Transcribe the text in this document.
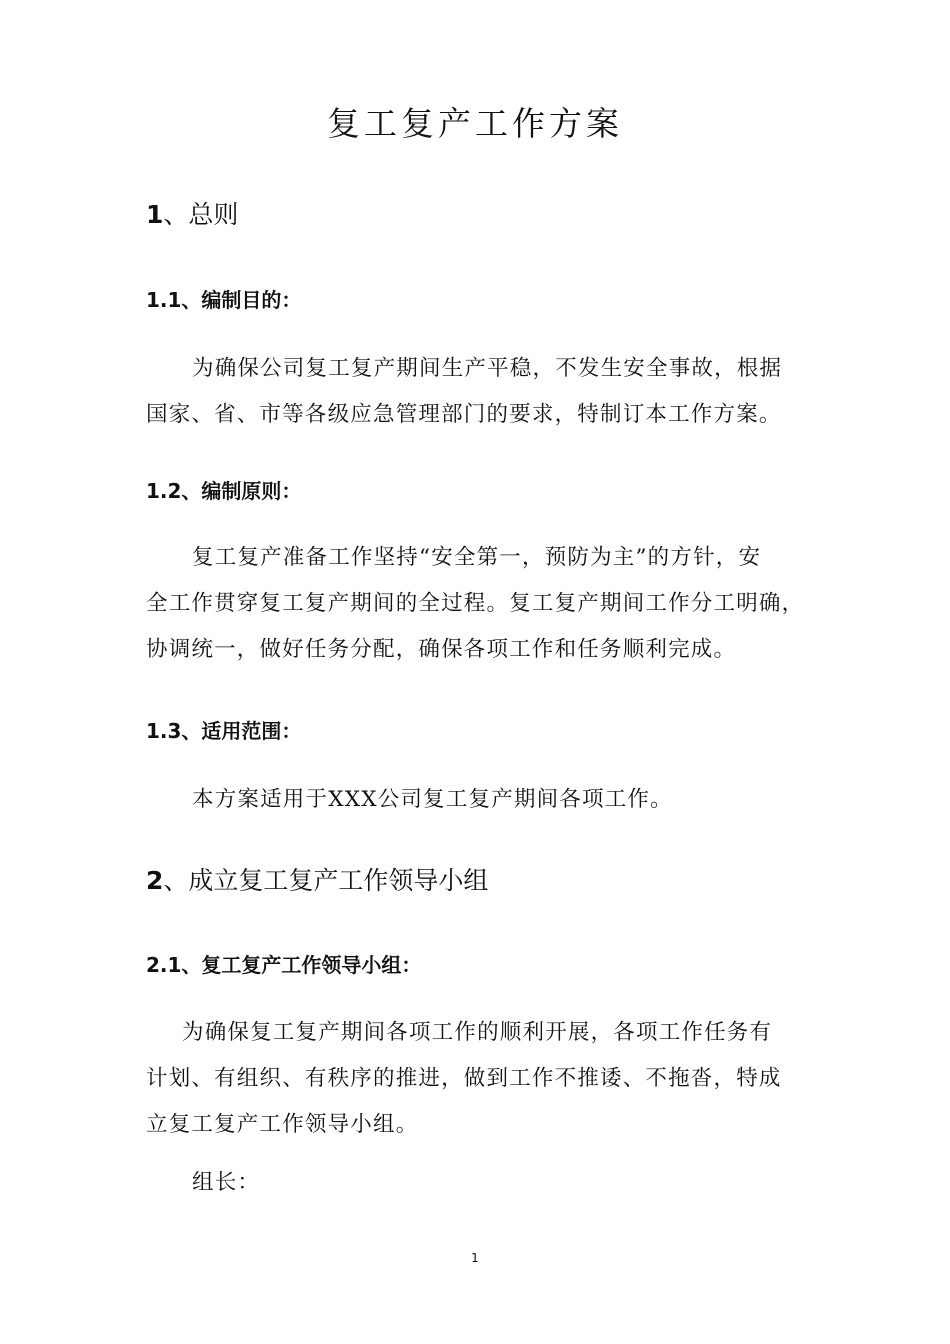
复工复产工作方案
1、总则
1.1、编制目的：
为确保公司复工复产期间生产平稳，不发生安全事故，根据
国家、省、市等各级应急管理部门的要求，特制订本工作方案。
1.2、编制原则：
复工复产准备工作坚持“安全第一，预防为主”的方针，安
全工作贯穿复工复产期间的全过程。复工复产期间工作分工明确，
协调统一，做好任务分配，确保各项工作和任务顺利完成。
1.3、适用范围：
本方案适用于XXX公司复工复产期间各项工作。
2、成立复工复产工作领导小组
2.1、复工复产工作领导小组：
为确保复工复产期间各项工作的顺利开展，各项工作任务有
计划、有组织、有秩序的推进，做到工作不推诿、不拖沓，特成
立复工复产工作领导小组。
组长：
1
